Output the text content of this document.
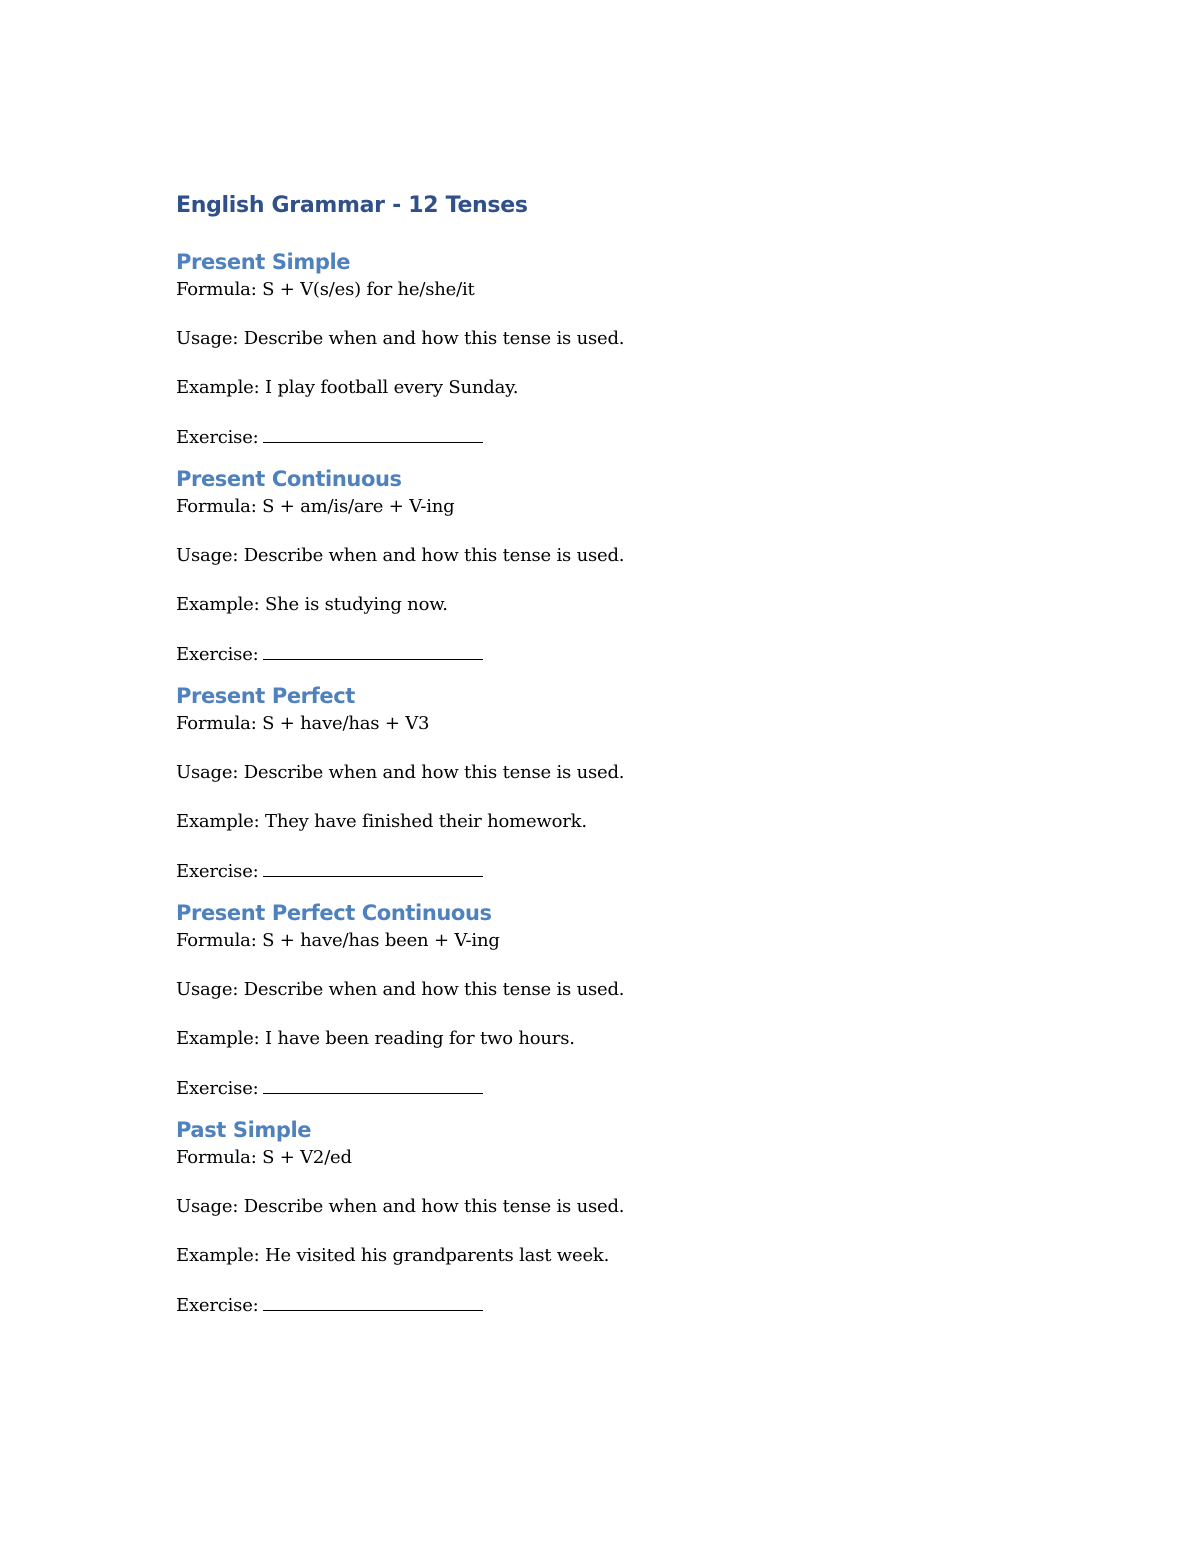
English Grammar - 12 Tenses
Present Simple

Formula: S + V(s/es) for he/she/it

Usage: Describe when and how this tense is used.

Example: I play football every Sunday.

Exercise:

Present Continuous

Formula: S + am/is/are + V-ing

Usage: Describe when and how this tense is used.

Example: She is studying now.

Exercise:

Present Perfect

Formula: S + have/has + V3

Usage: Describe when and how this tense is used.

Example: They have finished their homework.

Exercise:

Present Perfect Continuous

Formula: S + have/has been + V-ing

Usage: Describe when and how this tense is used.

Example: I have been reading for two hours.

Exercise:

Past Simple

Formula: S + V2/ed

Usage: Describe when and how this tense is used.

Example: He visited his grandparents last week.

Exercise:
